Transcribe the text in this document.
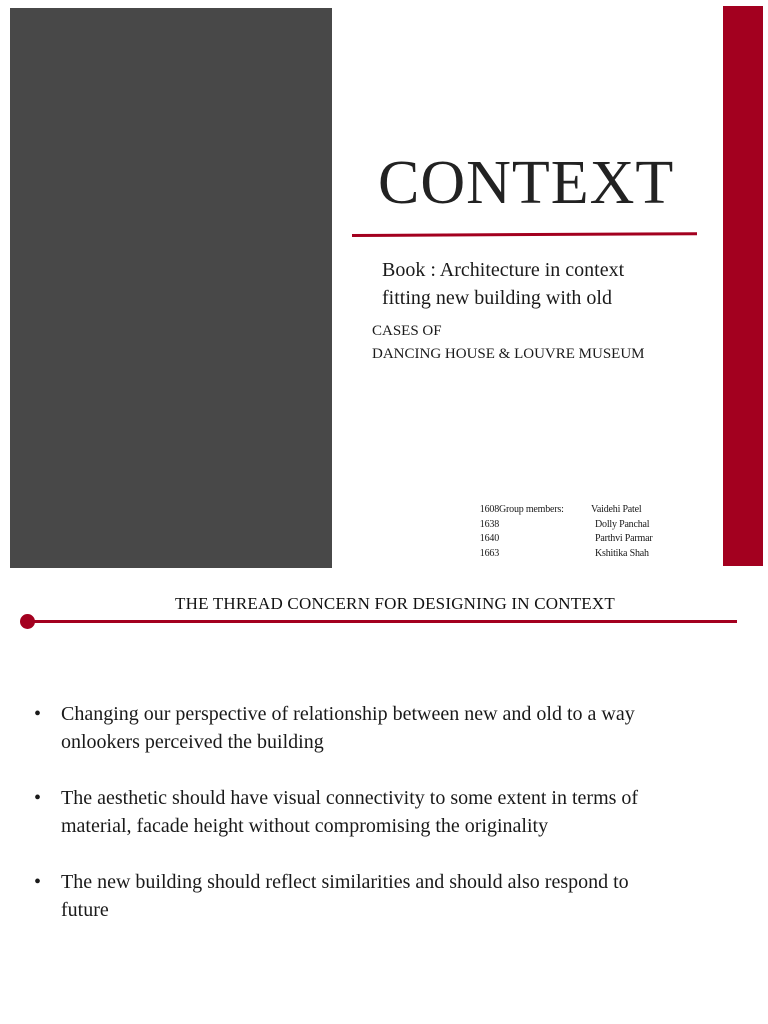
CONTEXT
Book : Architecture in context
fitting new building with old
CASES OF
DANCING HOUSE & LOUVRE MUSEUM
Group members:	Vaidehi Patel
1608
Dolly Panchal
1638
Parthvi Parmar
1640
Kshitika Shah
1663
THE THREAD CONCERN FOR DESIGNING IN CONTEXT
• Changing our perspective of relationship between new and old to a way
onlookers perceived the building
• The aesthetic should have visual connectivity to some extent in terms of
material, facade height without compromising the originality
• The new building should reflect similarities and should also respond to
future
